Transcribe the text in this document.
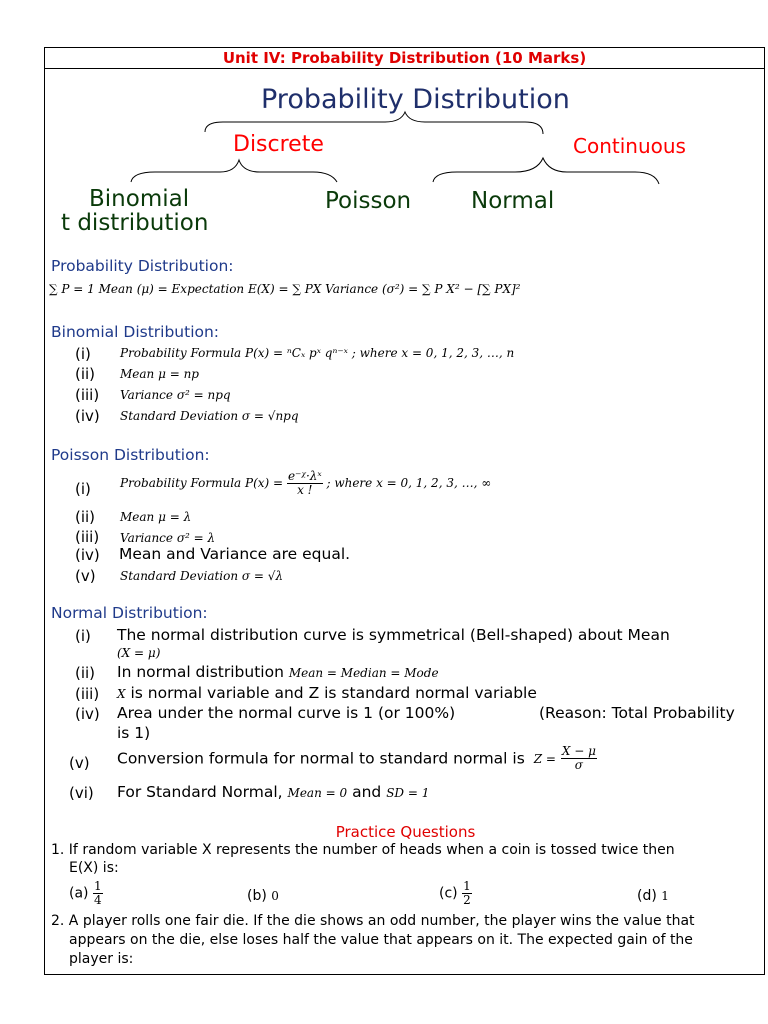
Unit IV: Probability Distribution (10 Marks)
Probability Distribution
Discrete	Continuous
Binomial
t distribution
Poisson	Normal
Probability Distribution:
∑ P = 1 Mean (μ) = Expectation E(X) = ∑ PX Variance (σ²) = ∑ P X² − [∑ PX]²
Binomial Distribution:
(i) Probability Formula P(x) = ⁿCₓ pˣ qⁿ⁻ˣ ; where x = 0, 1, 2, 3, …, n
(ii) Mean μ = np
(iii) Variance σ² = npq
(iv) Standard Deviation σ = √npq
Poisson Distribution:
(i) Probability Formula $P(x) = \frac{\text{e⁻ᵡ·λˣ}}{x !}$ ; where x = 0, 1, 2, 3, …, ∞
(ii) Mean μ = λ
(iii) Variance σ² = λ
(iv) Mean and Variance are equal.
(v) Standard Deviation σ = √λ
Normal Distribution:
(i) The normal distribution curve is symmetrical (Bell-shaped) about Mean
(X = μ)
(ii) In normal distribution Mean = Median = Mode
(iii) X is normal variable and Z is standard normal variable
(iv) Area under the normal curve is 1 (or 100%)	(Reason: Total Probability
is 1)
(v) Conversion formula for normal to standard normal is $Z = \frac{X - \mu}{\sigma}$
(vi) For Standard Normal, Mean = 0 and SD = 1
Practice Questions
1. If random variable X represents the number of heads when a coin is tossed twice then
E(X) is:
$(a) \frac{1}{4}$	(b) 0	$(c) \frac{1}{2}$	(d) 1
2. A player rolls one fair die. If the die shows an odd number, the player wins the value that
appears on the die, else loses half the value that appears on it. The expected gain of the
player is:
